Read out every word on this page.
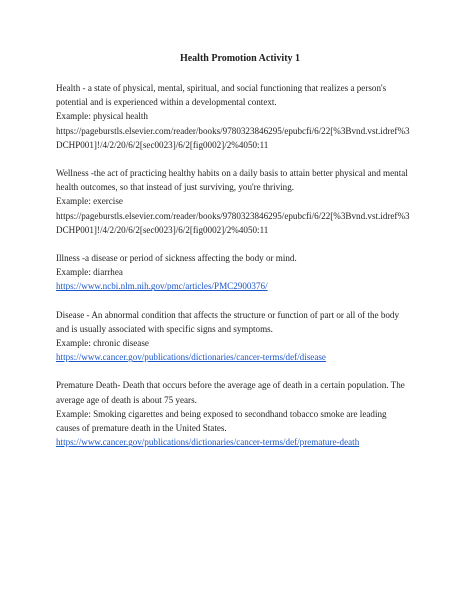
Health Promotion Activity 1
Health - a state of physical, mental, spiritual, and social functioning that realizes a person's
potential and is experienced within a developmental context.
Example: physical health
https://pageburstls.elsevier.com/reader/books/9780323846295/epubcfi/6/22[%3Bvnd.vst.idref%3
DCHP001]!/4/2/20/6/2[sec0023]/6/2[fig0002]/2%4050:11
Wellness -the act of practicing healthy habits on a daily basis to attain better physical and mental
health outcomes, so that instead of just surviving, you're thriving.
Example: exercise
https://pageburstls.elsevier.com/reader/books/9780323846295/epubcfi/6/22[%3Bvnd.vst.idref%3
DCHP001]!/4/2/20/6/2[sec0023]/6/2[fig0002]/2%4050:11
Illness -a disease or period of sickness affecting the body or mind.
Example: diarrhea
https://www.ncbi.nlm.nih.gov/pmc/articles/PMC2900376/
Disease - An abnormal condition that affects the structure or function of part or all of the body
and is usually associated with specific signs and symptoms.
Example: chronic disease
https://www.cancer.gov/publications/dictionaries/cancer-terms/def/disease
Premature Death- Death that occurs before the average age of death in a certain population. The
average age of death is about 75 years.
Example: Smoking cigarettes and being exposed to secondhand tobacco smoke are leading
causes of premature death in the United States.
https://www.cancer.gov/publications/dictionaries/cancer-terms/def/premature-death
